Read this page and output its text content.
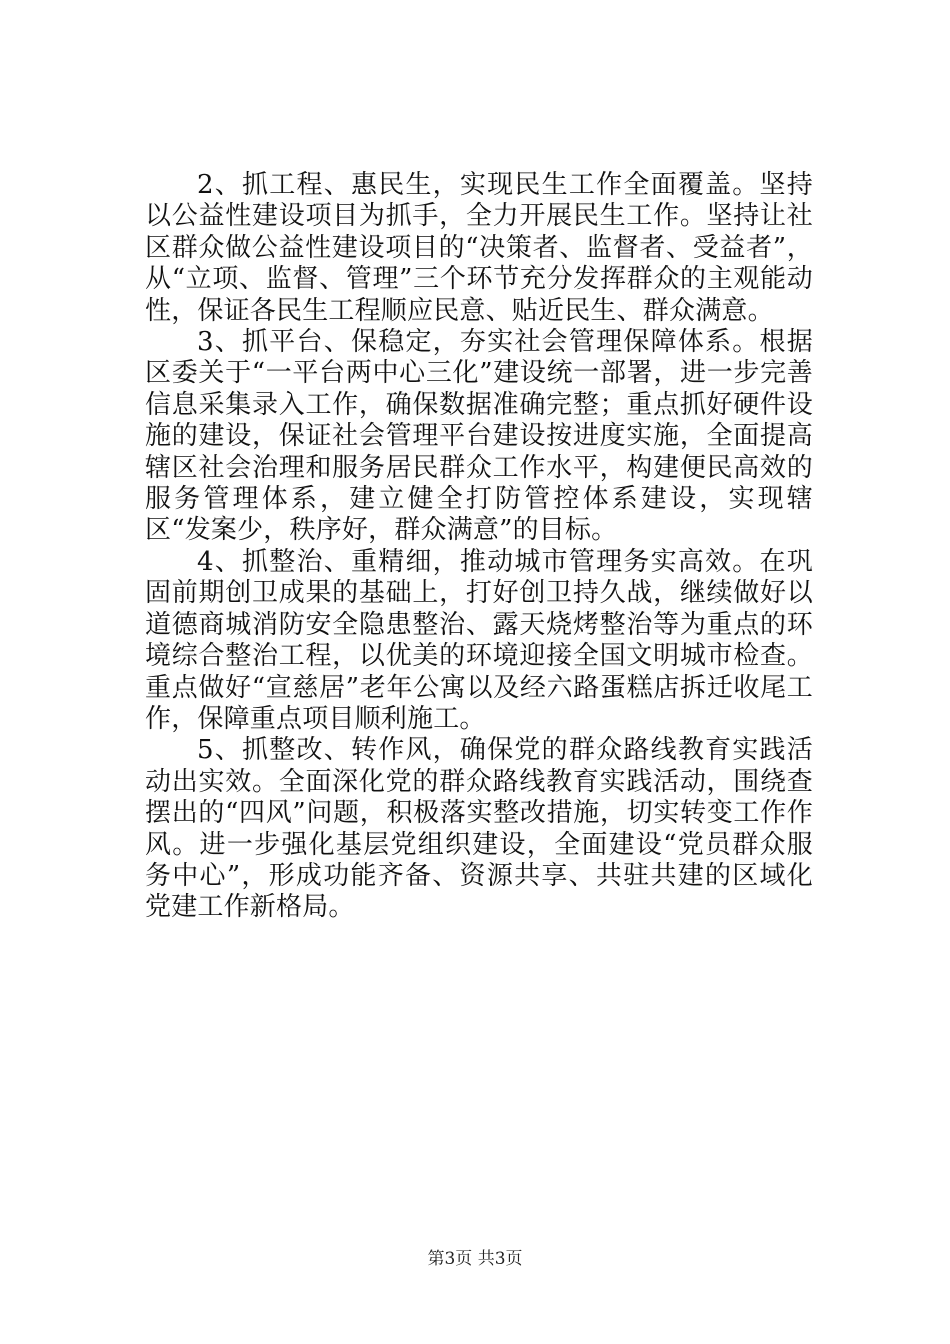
2、抓工程、惠民生，实现民生工作全面覆盖。坚持以公益性建设项目为抓手，全力开展民生工作。坚持让社区群众做公益性建设项目的“决策者、监督者、受益者”，从“立项、监督、管理”三个环节充分发挥群众的主观能动性，保证各民生工程顺应民意、贴近民生、群众满意。

3、抓平台、保稳定，夯实社会管理保障体系。根据区委关于“一平台两中心三化”建设统一部署，进一步完善信息采集录入工作，确保数据准确完整；重点抓好硬件设施的建设，保证社会管理平台建设按进度实施，全面提高辖区社会治理和服务居民群众工作水平，构建便民高效的服务管理体系，建立健全打防管控体系建设，实现辖区“发案少，秩序好，群众满意”的目标。

4、抓整治、重精细，推动城市管理务实高效。在巩固前期创卫成果的基础上，打好创卫持久战，继续做好以道德商城消防安全隐患整治、露天烧烤整治等为重点的环境综合整治工程，以优美的环境迎接全国文明城市检查。重点做好“宣慈居”老年公寓以及经六路蛋糕店拆迁收尾工作，保障重点项目顺利施工。

5、抓整改、转作风，确保党的群众路线教育实践活动出实效。全面深化党的群众路线教育实践活动，围绕查摆出的“四风”问题，积极落实整改措施，切实转变工作作风。进一步强化基层党组织建设，全面建设“党员群众服务中心”，形成功能齐备、资源共享、共驻共建的区域化党建工作新格局。

第3页 共3页
